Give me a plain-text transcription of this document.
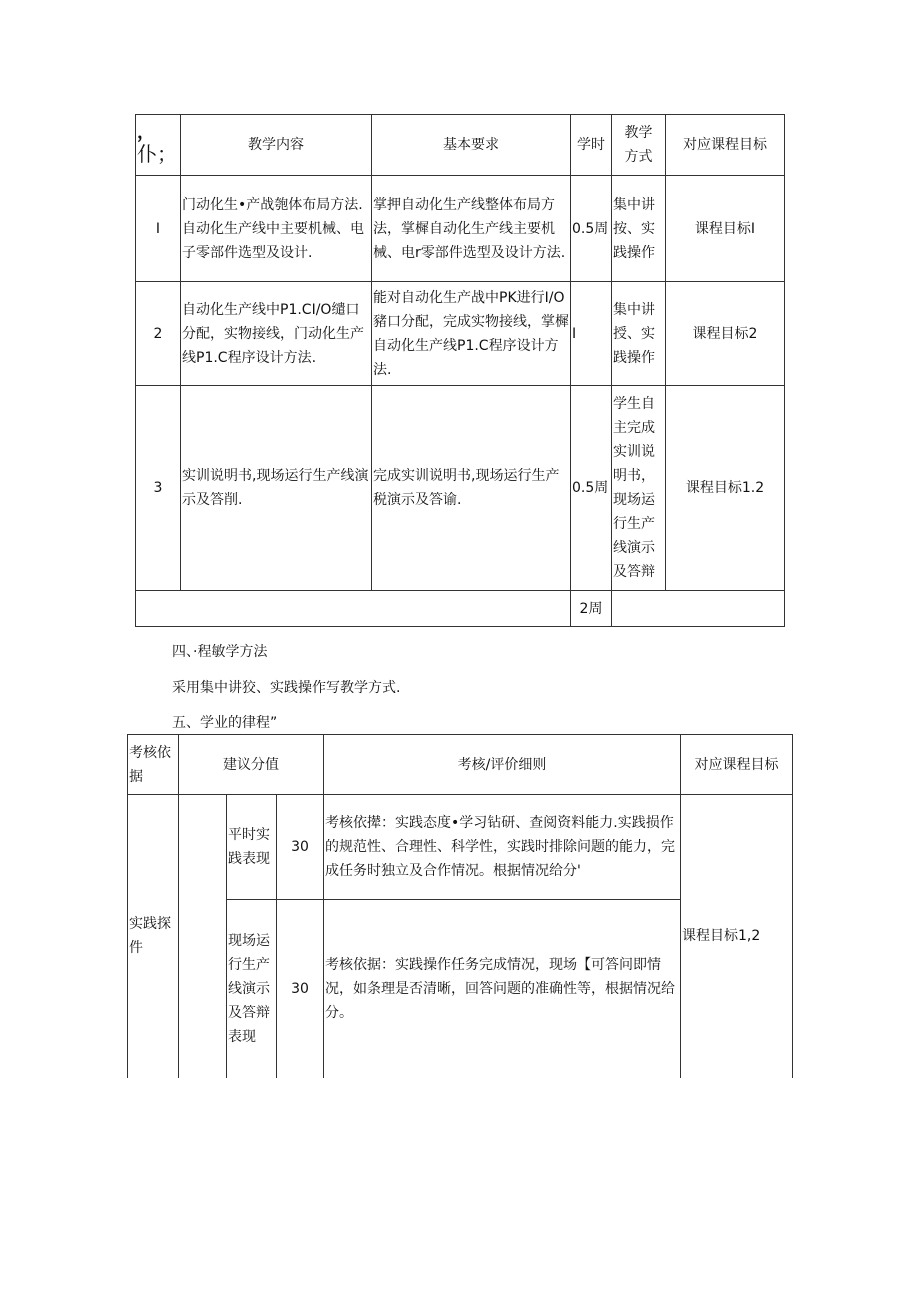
，
仆；	教学内容	基本要求	学时	教学方式	对应课程目标
I	门动化生•产战匏体布局方法.自动化生产线中主要机械、电子零部件选型及设计.	掌押自动化生产线整体布局方法，掌樨自动化生产线主要机械、电r零部件选型及设计方法.	0.5周	集中讲按、实践操作	课程目标I
2	自动化生产线中P1.CI/O缱口分配，实物接线，门动化生产线P1.C程序设计方法.	能对自动化生产战中PK进行I/O豬口分配，完成实物接线，掌樨自动化生产线P1.C程序设计方法.	I	集中讲授、实践操作	课程目标2
3	实训说明书,现场运行生产线演示及答削.	完成实训说明书,现场运行生产税演示及答谕.	0.5周	学生自主完成实训说明书，现场运行生产线演示及答辩	课程目标1.2
			2周		
四、·程敏学方法
采用集中讲狡、实践操作写教学方式.
五、学业的律程”
考核依据	建议分值			考核/评价细则	对应课程目标
实践探件		平时实践表现	30	考核依撵：实践态度•学习钻研、查阅资料能力.实践损作的规范性、合理性、科学性，实践时排除问题的能力，完成任务时独立及合作情况。根据情况给分'	课程目标1,2
		现场运行生产线演示及答辩表现	30	考核依据：实践操作任务完成情况，现场【可答问即情况，如条理是否清晰，回答问题的准确性等，根据情况给分。	
